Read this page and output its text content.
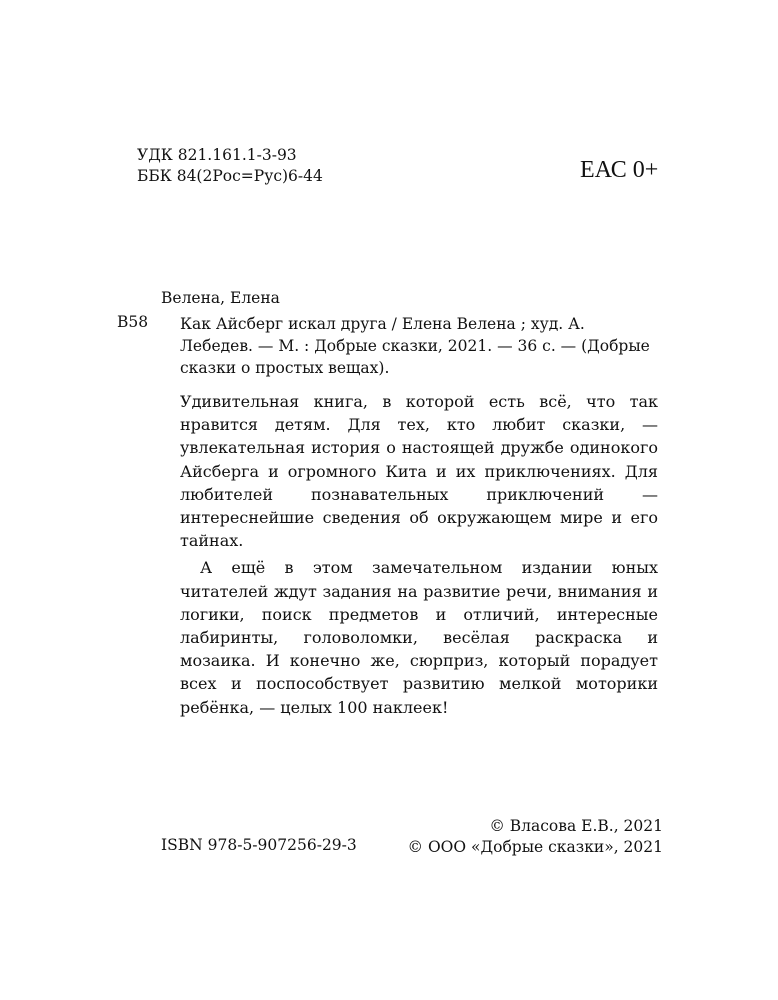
УДК 821.161.1-3-93
ББК 84(2Рос=Рус)6-44	ЕАС 0+
Велена, Елена
В58 Как Айсберг искал друга / Елена Велена ; худ. А. Лебедев. — М. : Добрые сказки, 2021. — 36 с. — (Добрые сказки о простых вещах).

Удивительная книга, в которой есть всё, что так нравится детям. Для тех, кто любит сказки, — увлекательная история о настоящей дружбе одинокого Айсберга и огромного Кита и их приключениях. Для любителей познавательных приключений — интереснейшие сведения об окружающем мире и его тайнах.

А ещё в этом замечательном издании юных читателей ждут задания на развитие речи, внимания и логики, поиск предметов и отличий, интересные лабиринты, головоломки, весёлая раскраска и мозаика. И конечно же, сюрприз, который порадует всех и поспособствует развитию мелкой моторики ребёнка, — целых 100 наклеек!

ISBN 978-5-907256-29-3
© Власова Е.В., 2021
© ООО «Добрые сказки», 2021
